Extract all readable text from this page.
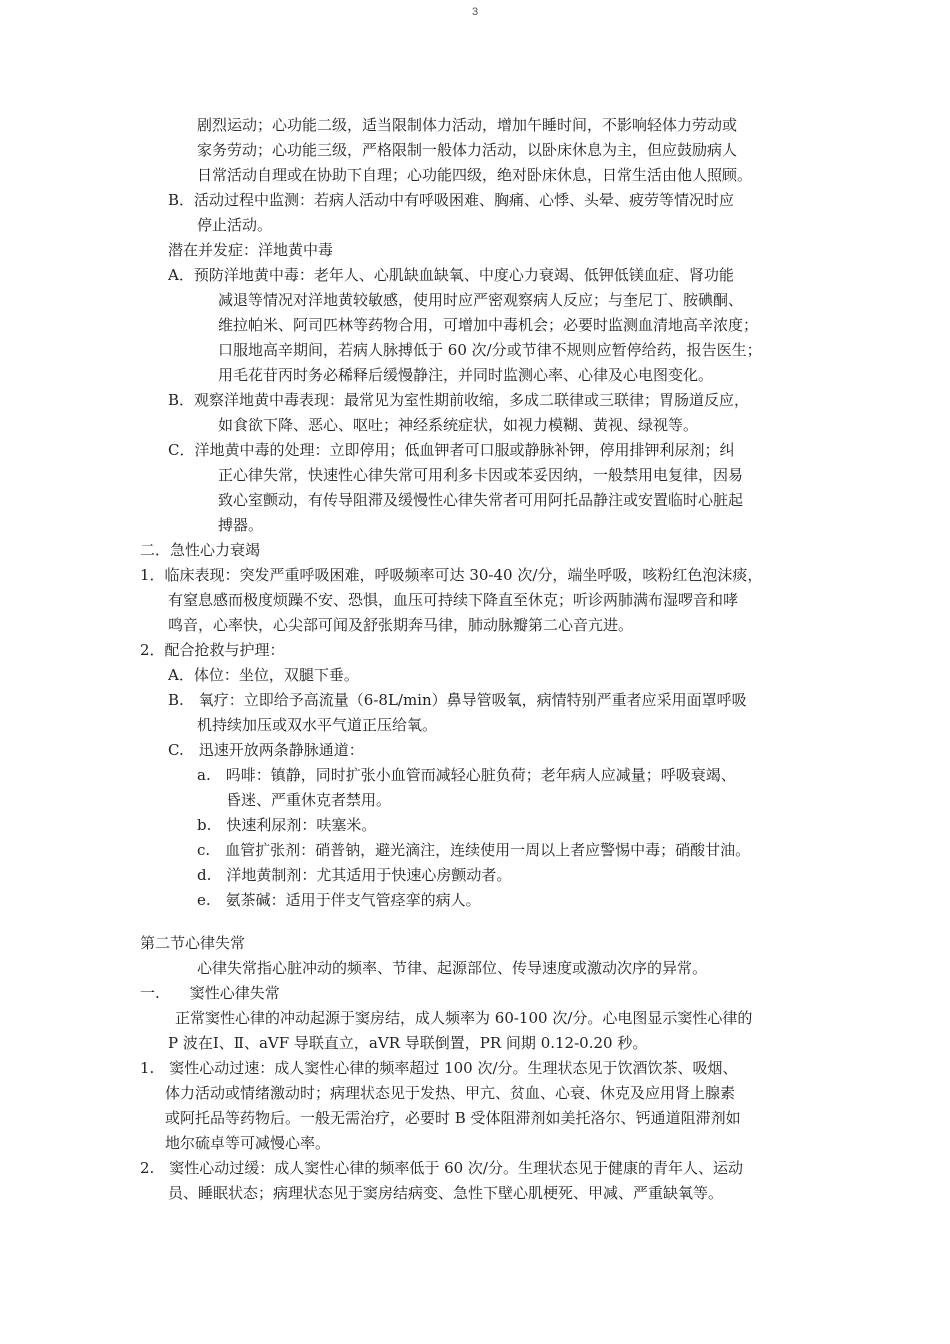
3
剧烈运动；心功能二级，适当限制体力活动，增加午睡时间，不影响轻体力劳动或
家务劳动；心功能三级，严格限制一般体力活动，以卧床休息为主，但应鼓励病人
日常活动自理或在协助下自理；心功能四级，绝对卧床休息，日常生活由他人照顾。
B．活动过程中监测：若病人活动中有呼吸困难、胸痛、心悸、头晕、疲劳等情况时应
停止活动。
潜在并发症：洋地黄中毒
A．预防洋地黄中毒：老年人、心肌缺血缺氧、中度心力衰竭、低钾低镁血症、肾功能
减退等情况对洋地黄较敏感，使用时应严密观察病人反应；与奎尼丁、胺碘酮、
维拉帕米、阿司匹林等药物合用，可增加中毒机会；必要时监测血清地高辛浓度；
口服地高辛期间，若病人脉搏低于 60 次/分或节律不规则应暂停给药，报告医生；
用毛花苷丙时务必稀释后缓慢静注，并同时监测心率、心律及心电图变化。
B．观察洋地黄中毒表现：最常见为室性期前收缩，多成二联律或三联律；胃肠道反应，
如食欲下降、恶心、呕吐；神经系统症状，如视力模糊、黄视、绿视等。
C．洋地黄中毒的处理：立即停用；低血钾者可口服或静脉补钾，停用排钾利尿剂；纠
正心律失常，快速性心律失常可用利多卡因或苯妥因纳，一般禁用电复律，因易
致心室颤动，有传导阻滞及缓慢性心律失常者可用阿托品静注或安置临时心脏起
搏器。
二．急性心力衰竭
1．临床表现：突发严重呼吸困难，呼吸频率可达 30-40 次/分，端坐呼吸，咳粉红色泡沫痰，
有窒息感而极度烦躁不安、恐惧，血压可持续下降直至休克；听诊两肺满布湿啰音和哮
鸣音，心率快，心尖部可闻及舒张期奔马律，肺动脉瓣第二心音亢进。
2．配合抢救与护理：
A．体位：坐位，双腿下垂。
B.　氧疗：立即给予高流量（6-8L/min）鼻导管吸氧，病情特别严重者应采用面罩呼吸
机持续加压或双水平气道正压给氧。
C.　迅速开放两条静脉通道：
a.　吗啡：镇静，同时扩张小血管而减轻心脏负荷；老年病人应减量；呼吸衰竭、
昏迷、严重休克者禁用。
b.　快速利尿剂：呋塞米。
c.　血管扩张剂：硝普钠，避光滴注，连续使用一周以上者应警惕中毒；硝酸甘油。
d.　洋地黄制剂：尤其适用于快速心房颤动者。
e.　氨茶碱：适用于伴支气管痉挛的病人。
第二节心律失常
心律失常指心脏冲动的频率、节律、起源部位、传导速度或激动次序的异常。
一.　　窦性心律失常
正常窦性心律的冲动起源于窦房结，成人频率为 60-100 次/分。心电图显示窦性心律的
P 波在Ⅰ、Ⅱ、aVF 导联直立，aVR 导联倒置，PR 间期 0.12-0.20 秒。
1.　窦性心动过速：成人窦性心律的频率超过 100 次/分。生理状态见于饮酒饮茶、吸烟、
体力活动或情绪激动时；病理状态见于发热、甲亢、贫血、心衰、休克及应用肾上腺素
或阿托品等药物后。一般无需治疗，必要时 B 受体阻滞剂如美托洛尔、钙通道阻滞剂如
地尔硫卓等可减慢心率。
2.　窦性心动过缓：成人窦性心律的频率低于 60 次/分。生理状态见于健康的青年人、运动
员、睡眠状态；病理状态见于窦房结病变、急性下壁心肌梗死、甲减、严重缺氧等。
